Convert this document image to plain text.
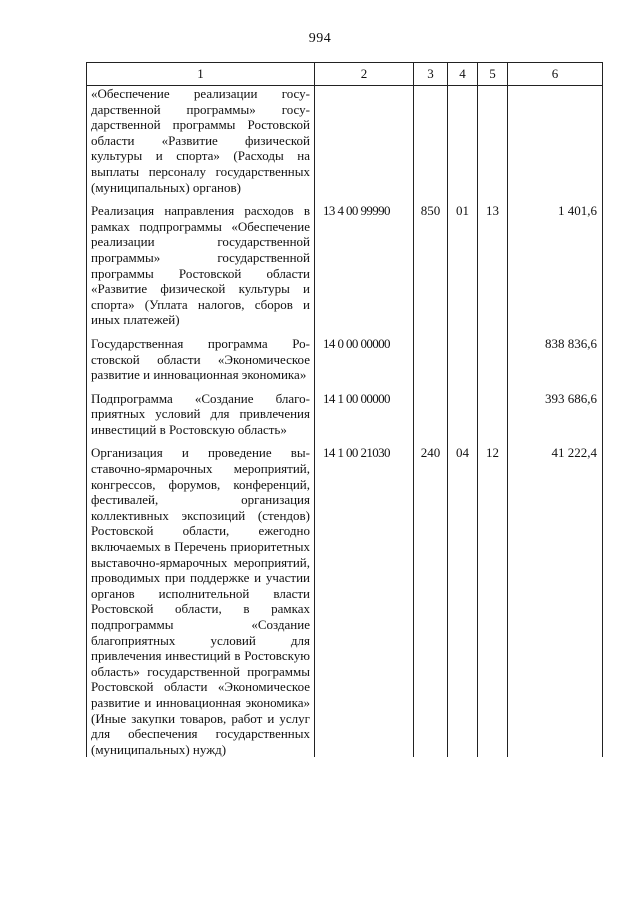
994
1	2	3	4	5	6
«Обеспечение реализации государственной программы» государственной программы Ростовской области «Развитие физической культуры и спорта» (Расходы на выплаты персоналу государственных (муниципальных) органов)					
Реализация направления расходов в рамках подпрограммы «Обеспечение реализации государственной программы» государственной программы Ростовской области «Развитие физической культуры и спорта» (Уплата налогов, сборов и иных платежей)	13 4 00 99990	850	01	13	1 401,6
Государственная программа Ростовской области «Экономическое развитие и инновационная экономика»	14 0 00 00000				838 836,6
Подпрограмма «Создание благоприятных условий для привлечения инвестиций в Ростовскую область»	14 1 00 00000				393 686,6
Организация и проведение выставочно-ярмарочных мероприятий, конгрессов, форумов, конференций, фестивалей, организация коллективных экспозиций (стендов) Ростовской области, ежегодно включаемых в Перечень приоритетных выставочно-ярмарочных мероприятий, проводимых при поддержке и участии органов исполнительной власти Ростовской области, в рамках подпрограммы «Создание благоприятных условий для привлечения инвестиций в Ростовскую область» государственной программы Ростовской области «Экономическое развитие и инновационная экономика» (Иные закупки товаров, работ и услуг для обеспечения государственных (муниципальных) нужд)	14 1 00 21030	240	04	12	41 222,4
